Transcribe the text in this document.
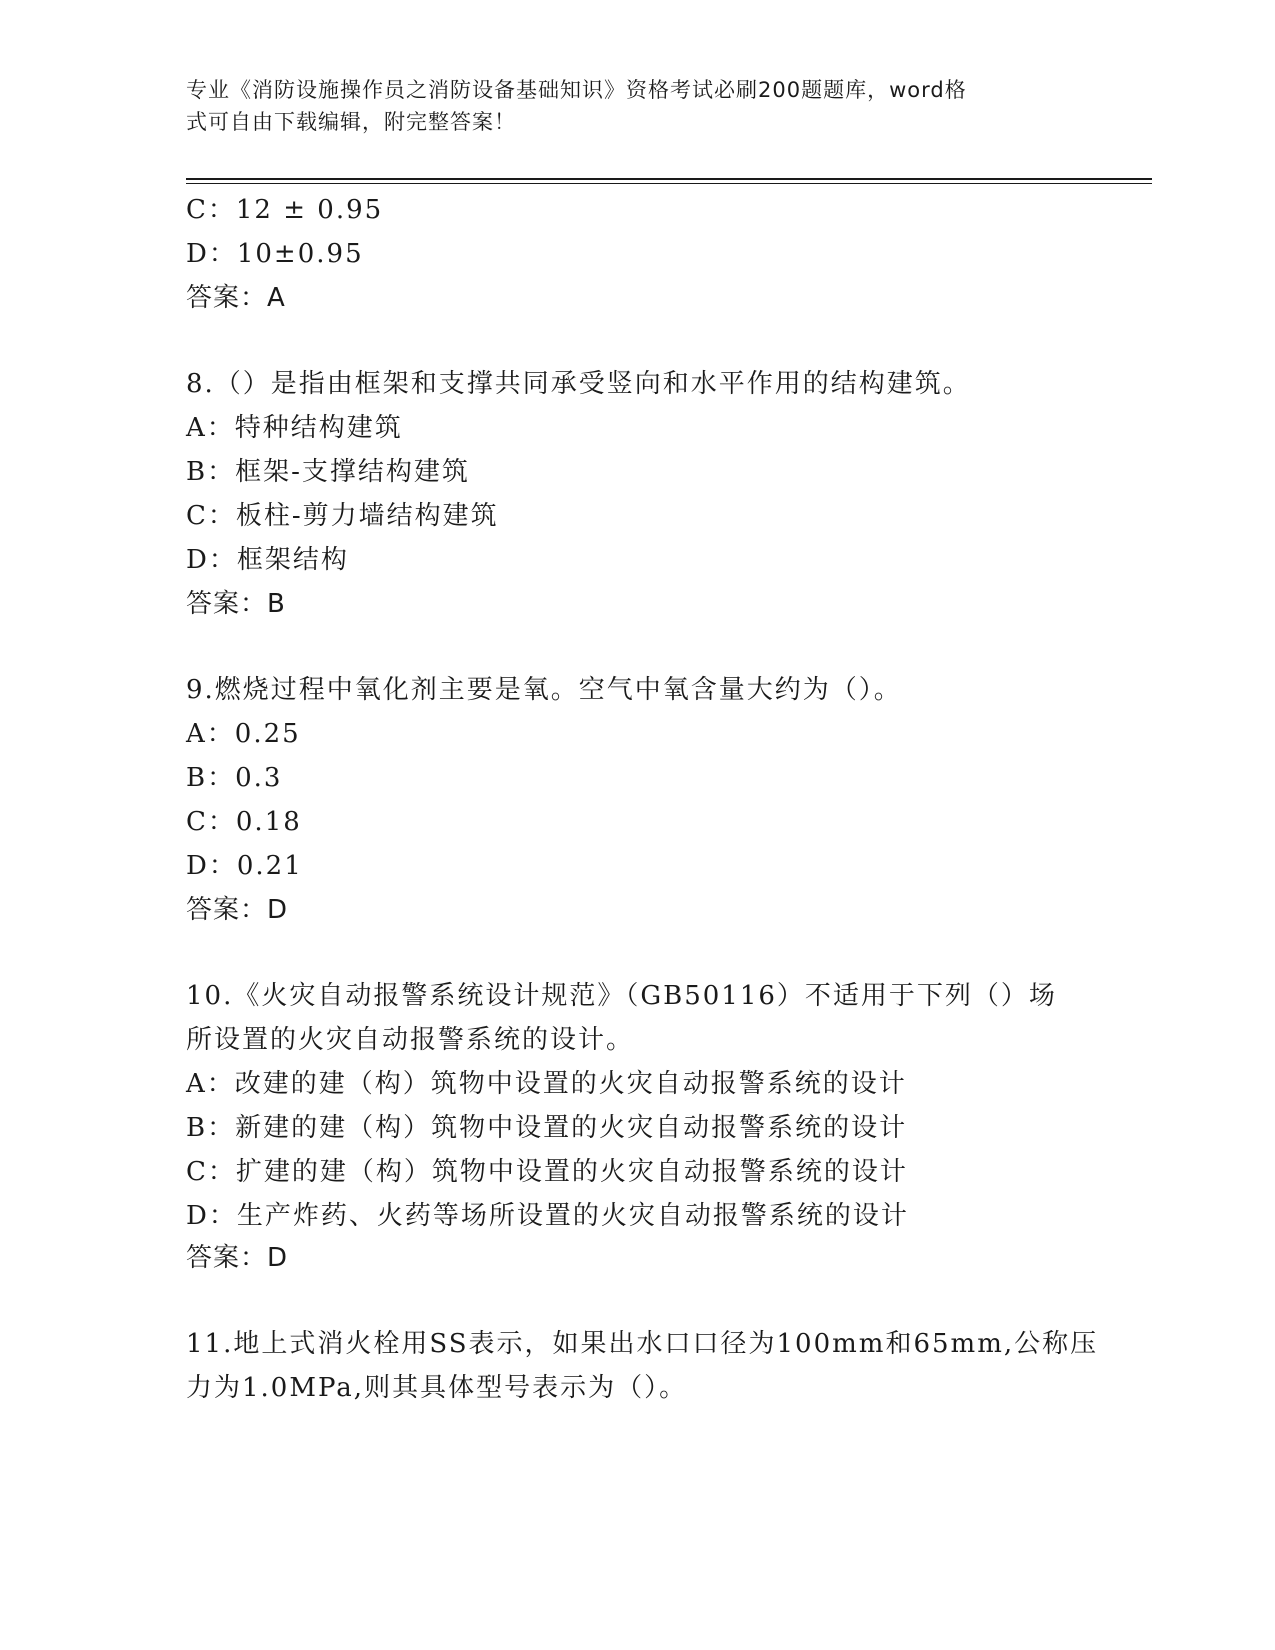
专业《消防设施操作员之消防设备基础知识》资格考试必刷200题题库，word格
式可自由下载编辑，附完整答案！
C：12 ± 0.95
D：10±0.95
答案：A
8.（）是指由框架和支撑共同承受竖向和水平作用的结构建筑。
A：特种结构建筑
B：框架-支撑结构建筑
C：板柱-剪力墙结构建筑
D：框架结构
答案：B
9.燃烧过程中氧化剂主要是氧。空气中氧含量大约为（）。
A：0.25
B：0.3
C：0.18
D：0.21
答案：D
10.《火灾自动报警系统设计规范》（GB50116）不适用于下列（）场
所设置的火灾自动报警系统的设计。
A：改建的建（构）筑物中设置的火灾自动报警系统的设计
B：新建的建（构）筑物中设置的火灾自动报警系统的设计
C：扩建的建（构）筑物中设置的火灾自动报警系统的设计
D：生产炸药、火药等场所设置的火灾自动报警系统的设计
答案：D
11.地上式消火栓用SS表示，如果出水口口径为100mm和65mm,公称压
力为1.0MPa,则其具体型号表示为（）。
